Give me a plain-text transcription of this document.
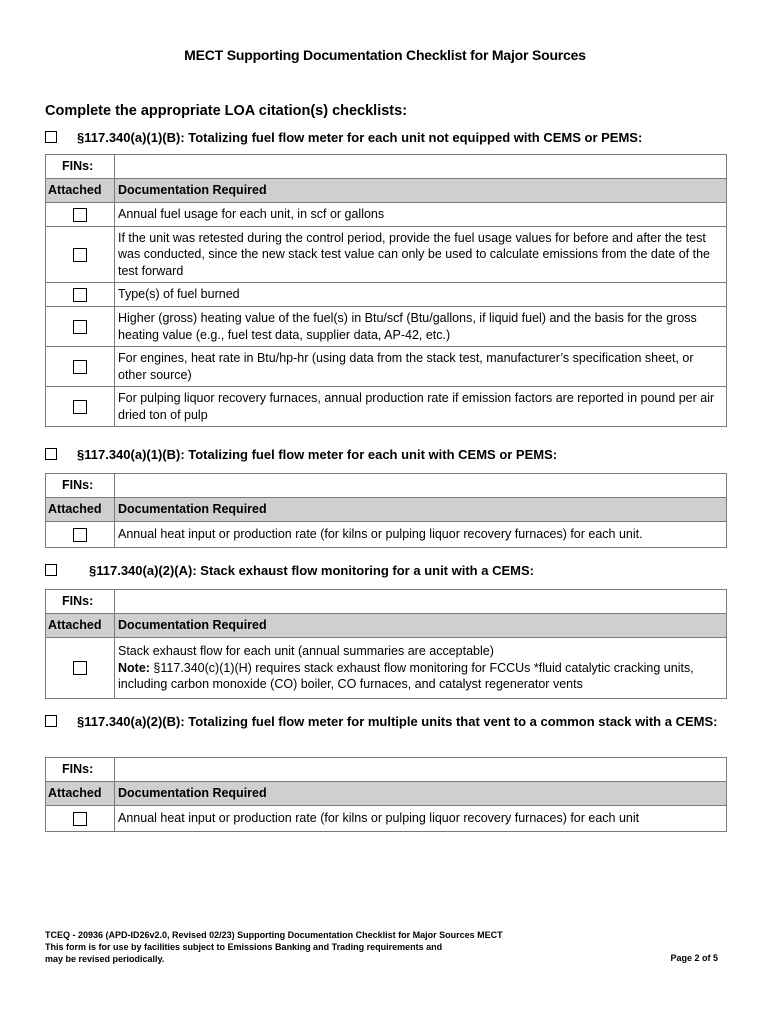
MECT Supporting Documentation Checklist for Major Sources
Complete the appropriate LOA citation(s) checklists:
§117.340(a)(1)(B): Totalizing fuel flow meter for each unit not equipped with CEMS or PEMS:
FINs:	
Attached	Documentation Required
	Annual fuel usage for each unit, in scf or gallons
	If the unit was retested during the control period, provide the fuel usage values for before and after the test was conducted, since the new stack test value can only be used to calculate emissions from the date of the test forward
	Type(s) of fuel burned
	Higher (gross) heating value of the fuel(s) in Btu/scf (Btu/gallons, if liquid fuel) and the basis for the gross heating value (e.g., fuel test data, supplier data, AP-42, etc.)
	For engines, heat rate in Btu/hp-hr (using data from the stack test, manufacturer’s specification sheet, or other source)
	For pulping liquor recovery furnaces, annual production rate if emission factors are reported in pound per air dried ton of pulp
§117.340(a)(1)(B): Totalizing fuel flow meter for each unit with CEMS or PEMS:
FINs:	
Attached	Documentation Required
	Annual heat input or production rate (for kilns or pulping liquor recovery furnaces) for each unit.
§117.340(a)(2)(A): Stack exhaust flow monitoring for a unit with a CEMS:
FINs:	
Attached	Documentation Required

	Stack exhaust flow for each unit (annual summaries are acceptable)
Note: §117.340(c)(1)(H) requires stack exhaust flow monitoring for FCCUs *fluid catalytic cracking units, including carbon monoxide (CO) boiler, CO furnaces, and catalyst regenerator vents
§117.340(a)(2)(B): Totalizing fuel flow meter for multiple units that vent to a common stack with a CEMS:
FINs:	
Attached	Documentation Required
	Annual heat input or production rate (for kilns or pulping liquor recovery furnaces) for each unit
TCEQ - 20936 (APD-ID26v2.0, Revised 02/23) Supporting Documentation Checklist for Major Sources MECT
This form is for use by facilities subject to Emissions Banking and Trading requirements and
may be revised periodically.	Page 2 of 5
